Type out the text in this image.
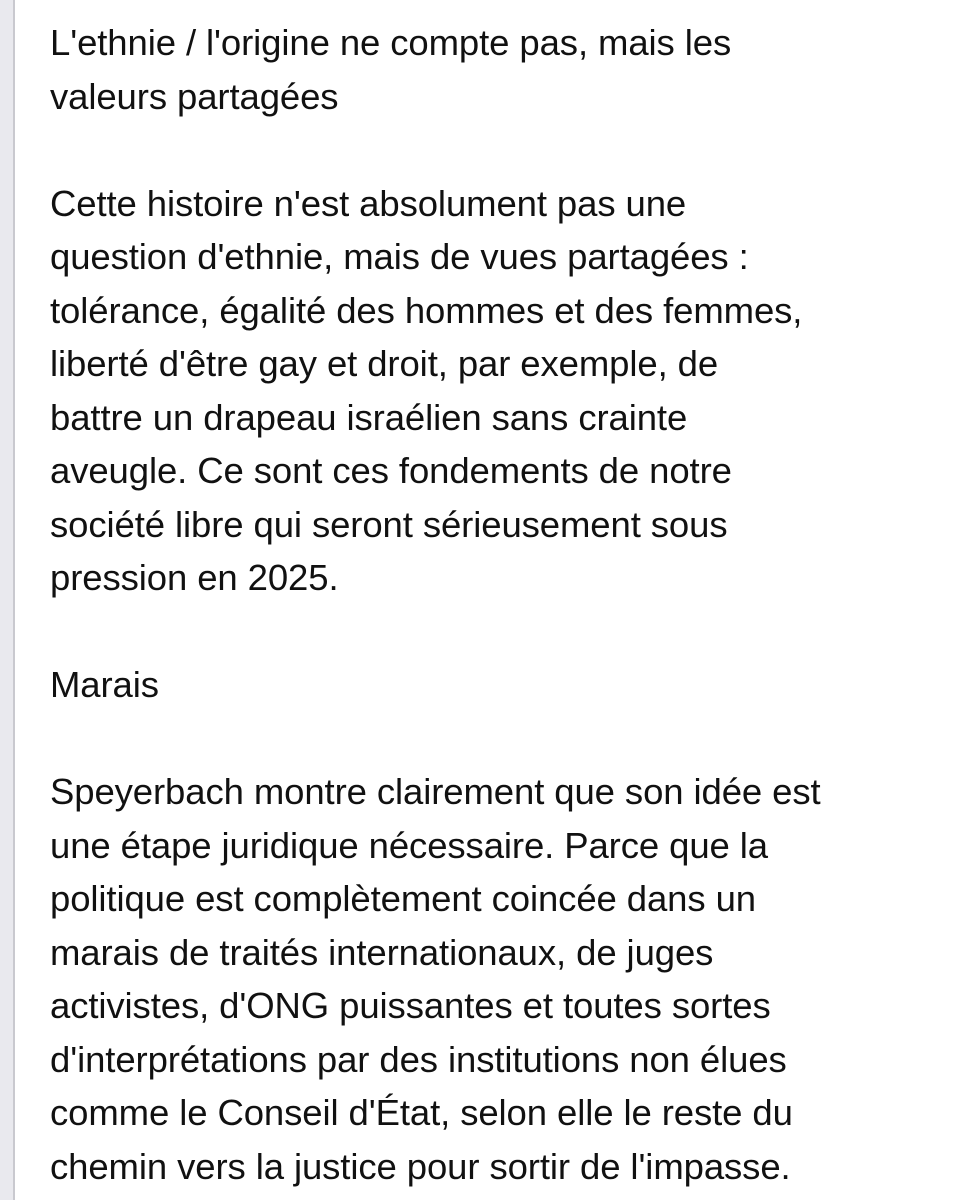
L'ethnie / l'origine ne compte pas, mais les
valeurs partagées
Cette histoire n'est absolument pas une
question d'ethnie, mais de vues partagées :
tolérance, égalité des hommes et des femmes,
liberté d'être gay et droit, par exemple, de
battre un drapeau israélien sans crainte
aveugle. Ce sont ces fondements de notre
société libre qui seront sérieusement sous
pression en 2025.
Marais
Speyerbach montre clairement que son idée est
une étape juridique nécessaire. Parce que la
politique est complètement coincée dans un
marais de traités internationaux, de juges
activistes, d'ONG puissantes et toutes sortes
d'interprétations par des institutions non élues
comme le Conseil d'État, selon elle le reste du
chemin vers la justice pour sortir de l'impasse.
